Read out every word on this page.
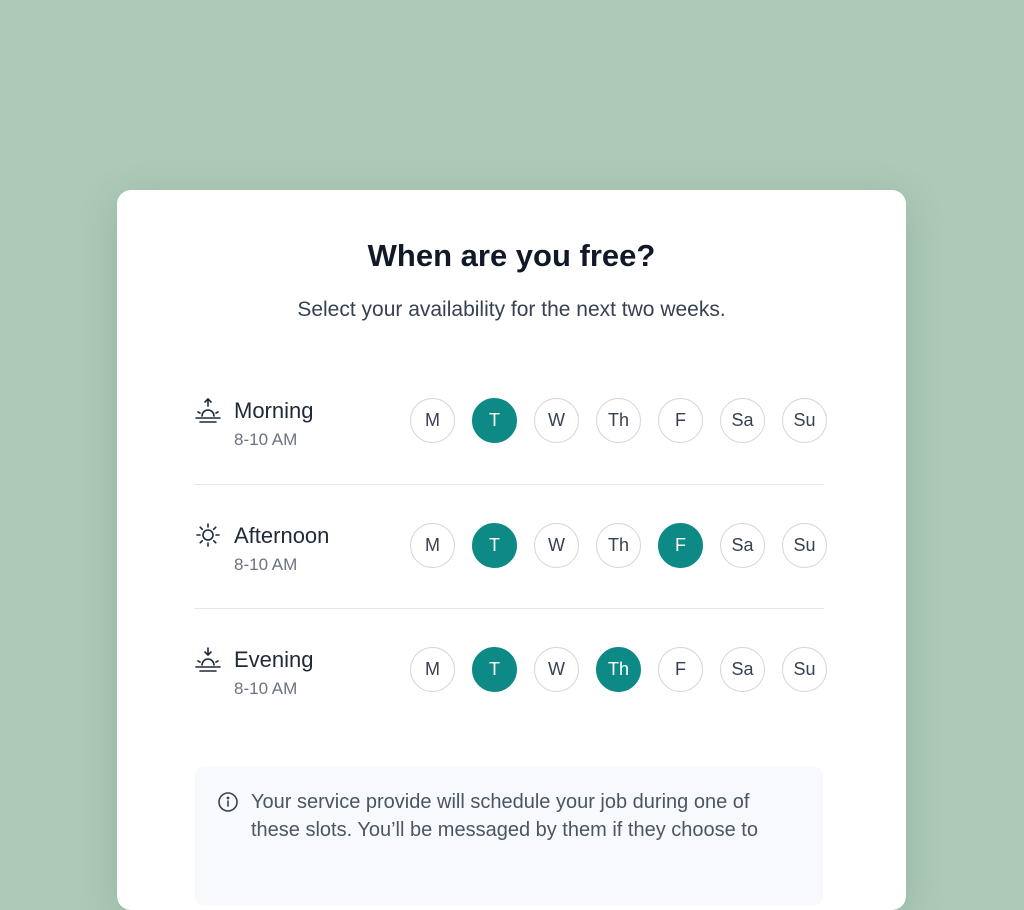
When are you free?

Select your availability for the next two weeks.

Morning
8-10 AM
M	T	W	Th	F	Sa	Su
Afternoon
8-10 AM
M	T	W	Th	F	Sa	Su
Evening
8-10 AM
M	T	W	Th	F	Sa	Su

Your service provide will schedule your job during one of these slots. You’ll be messaged by them if they choose to
